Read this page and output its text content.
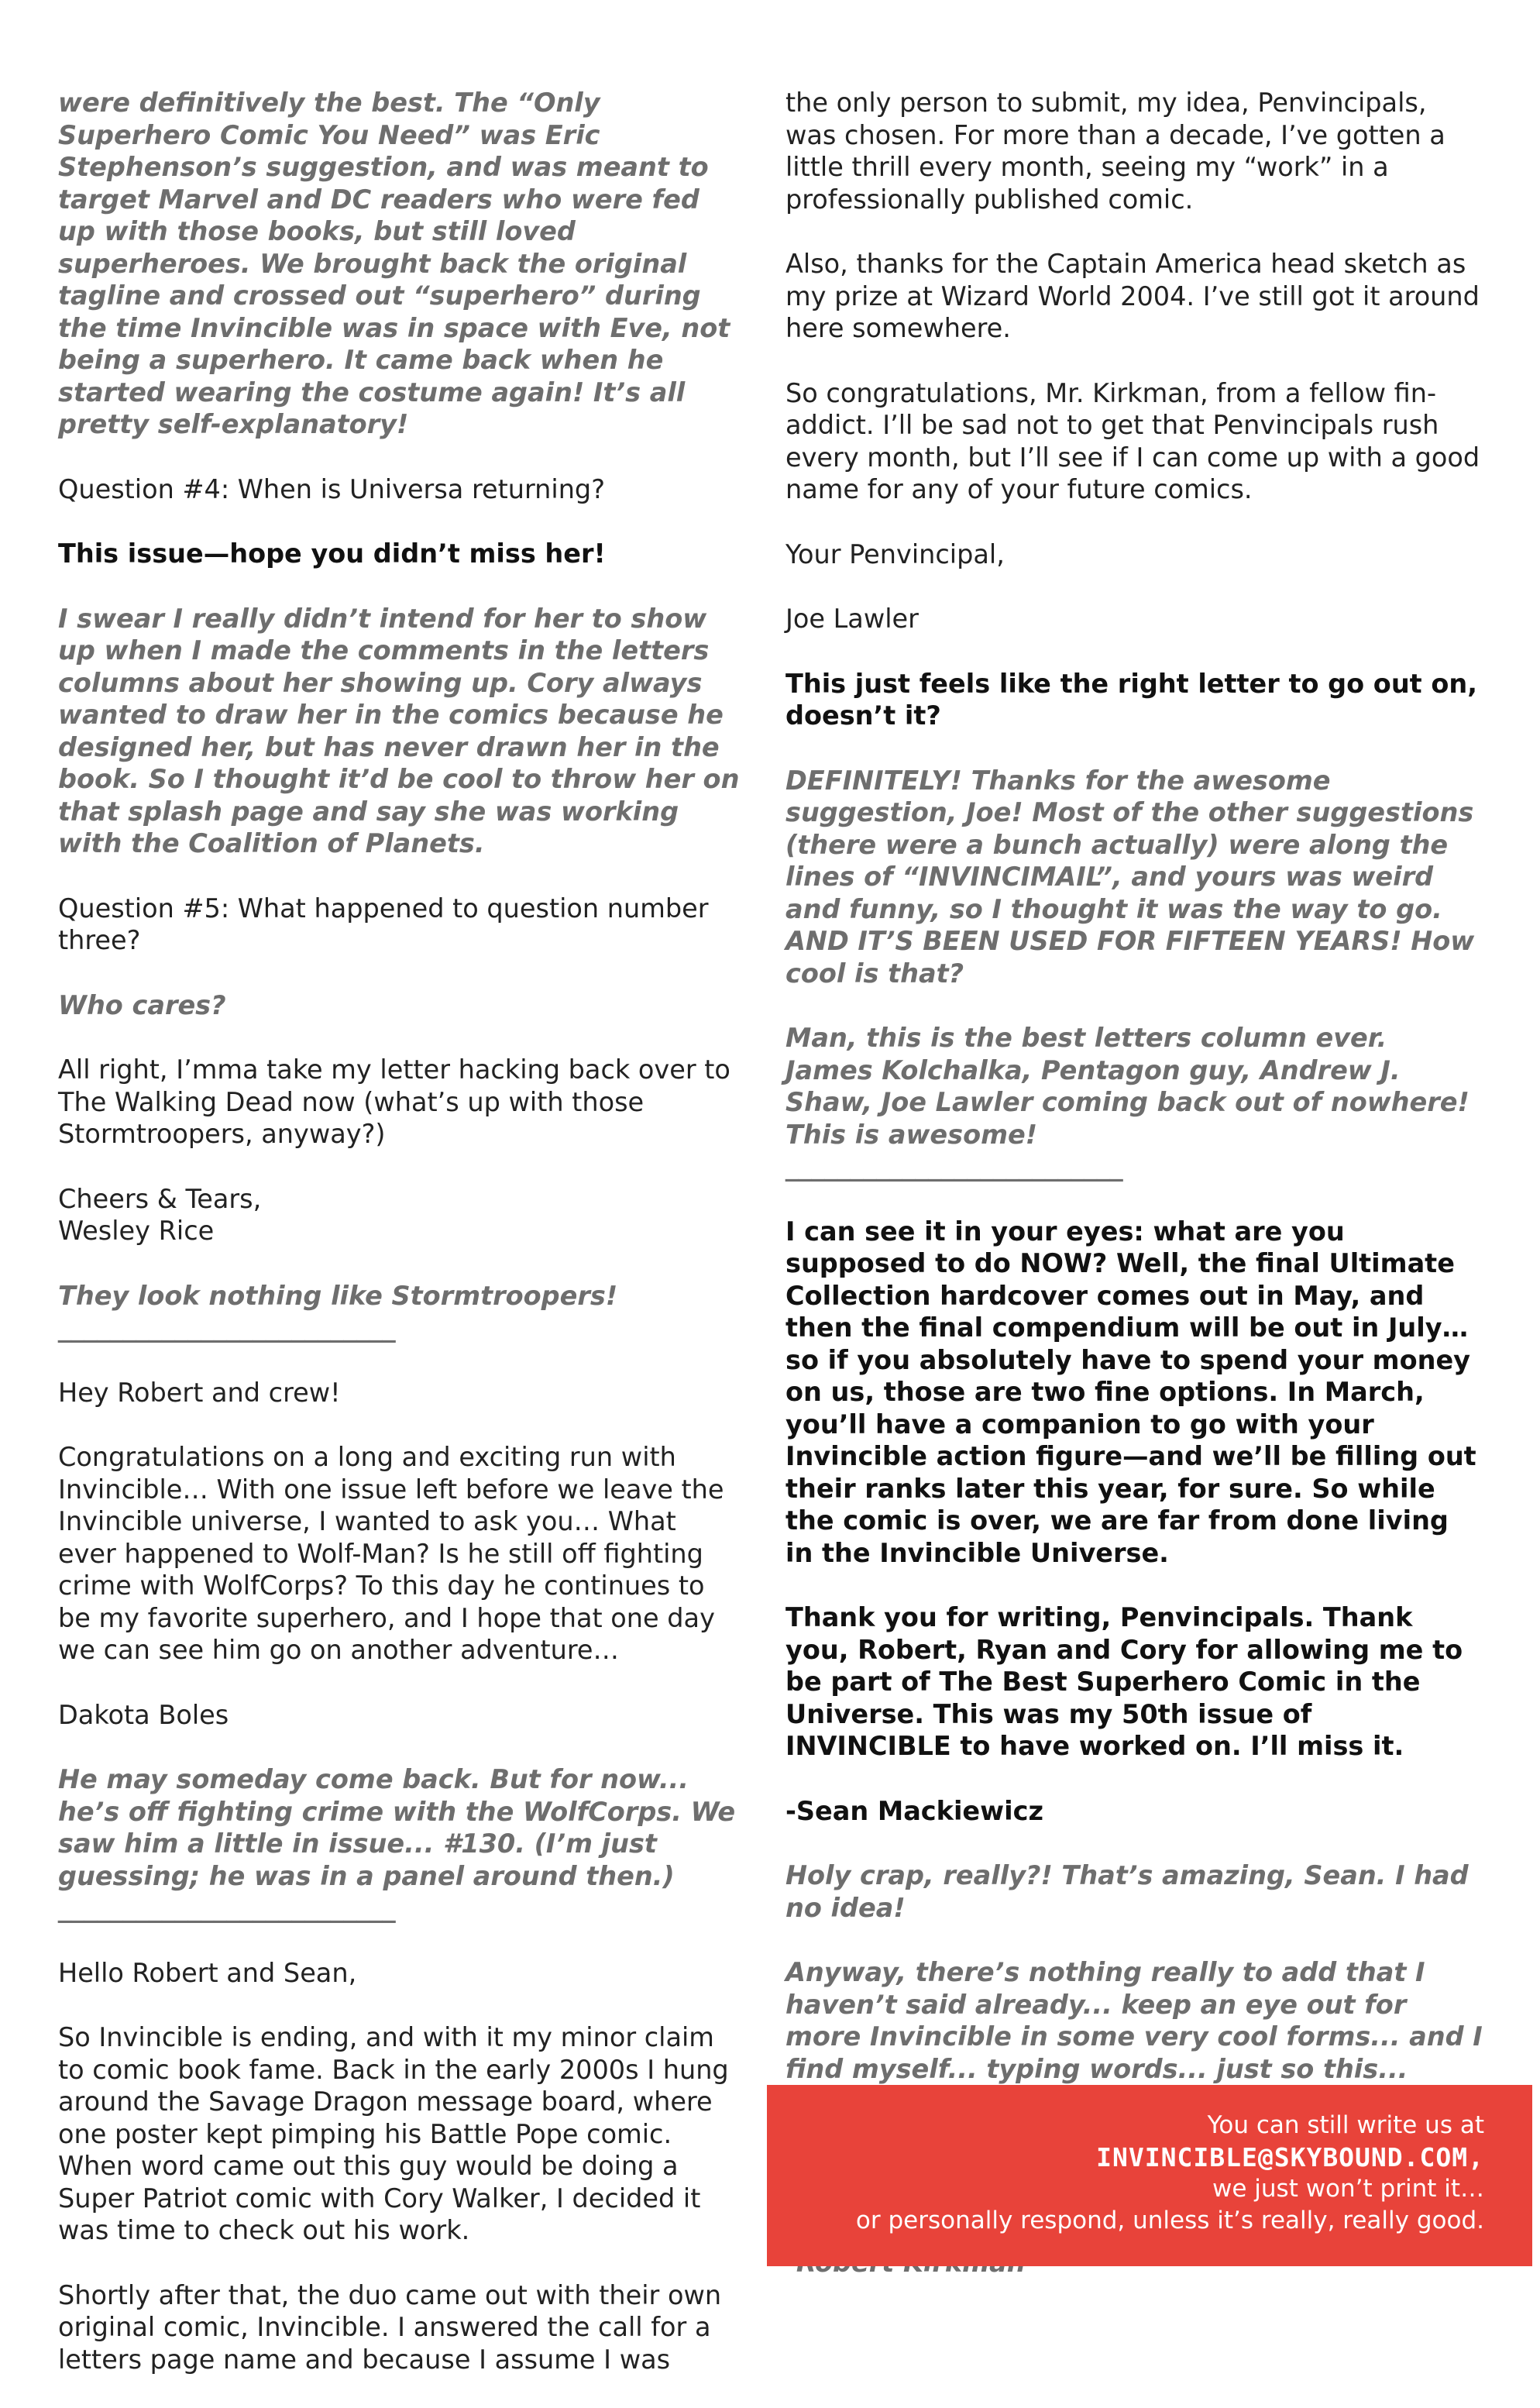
were definitively the best. The “Only Superhero Comic You Need” was Eric Stephenson’s suggestion, and was meant to target Marvel and DC readers who were fed up with those books, but still loved superheroes. We brought back the original tagline and crossed out “superhero” during the time Invincible was in space with Eve, not being a superhero. It came back when he started wearing the costume again! It’s all pretty self-explanatory!

Question #4: When is Universa returning?

This issue—hope you didn’t miss her!

I swear I really didn’t intend for her to show up when I made the comments in the letters columns about her showing up. Cory always wanted to draw her in the comics because he designed her, but has never drawn her in the book. So I thought it’d be cool to throw her on that splash page and say she was working with the Coalition of Planets.

Question #5: What happened to question number three?

Who cares?

All right, I’mma take my letter hacking back over to The Walking Dead now (what’s up with those Stormtroopers, anyway?)

Cheers & Tears,
Wesley Rice

They look nothing like Stormtroopers!
__________________________

Hey Robert and crew!

Congratulations on a long and exciting run with Invincible… With one issue left before we leave the Invincible universe, I wanted to ask you… What ever happened to Wolf-Man? Is he still off fighting crime with WolfCorps? To this day he continues to be my favorite superhero, and I hope that one day we can see him go on another adventure…

Dakota Boles

He may someday come back. But for now... he’s off fighting crime with the WolfCorps. We saw him a little in issue... #130. (I’m just guessing; he was in a panel around then.)
__________________________

Hello Robert and Sean,

So Invincible is ending, and with it my minor claim to comic book fame. Back in the early 2000s I hung around the Savage Dragon message board, where one poster kept pimping his Battle Pope comic. When word came out this guy would be doing a Super Patriot comic with Cory Walker, I decided it was time to check out his work.

Shortly after that, the duo came out with their own original comic, Invincible. I answered the call for a letters page name and because I assume I was

the only person to submit, my idea, Penvincipals, was chosen. For more than a decade, I’ve gotten a little thrill every month, seeing my “work” in a professionally published comic.

Also, thanks for the Captain America head sketch as my prize at Wizard World 2004. I’ve still got it around here somewhere.

So congratulations, Mr. Kirkman, from a fellow fin-addict. I’ll be sad not to get that Penvincipals rush every month, but I’ll see if I can come up with a good name for any of your future comics.

Your Penvincipal,

Joe Lawler

This just feels like the right letter to go out on, doesn’t it?

DEFINITELY! Thanks for the awesome suggestion, Joe! Most of the other suggestions (there were a bunch actually) were along the lines of “INVINCIMAIL”, and yours was weird and funny, so I thought it was the way to go. AND IT’S BEEN USED FOR FIFTEEN YEARS! How cool is that?

Man, this is the best letters column ever. James Kolchalka, Pentagon guy, Andrew J. Shaw, Joe Lawler coming back out of nowhere! This is awesome!
__________________________

I can see it in your eyes: what are you supposed to do NOW? Well, the final Ultimate Collection hardcover comes out in May, and then the final compendium will be out in July… so if you absolutely have to spend your money on us, those are two fine options. In March, you’ll have a companion to go with your Invincible action figure—and we’ll be filling out their ranks later this year, for sure. So while the comic is over, we are far from done living in the Invincible Universe.

Thank you for writing, Penvincipals. Thank you, Robert, Ryan and Cory for allowing me to be part of The Best Superhero Comic in the Universe. This was my 50th issue of INVINCIBLE to have worked on. I’ll miss it.

-Sean Mackiewicz

Holy crap, really?! That’s amazing, Sean. I had no idea!

Anyway, there’s nothing really to add that I haven’t said already... keep an eye out for more Invincible in some very cool forms... and I find myself... typing words... just so this...

You can still write us at
INVINCIBLE@SKYBOUND.COM,
we just won’t print it…
or personally respond, unless it’s really, really good.
